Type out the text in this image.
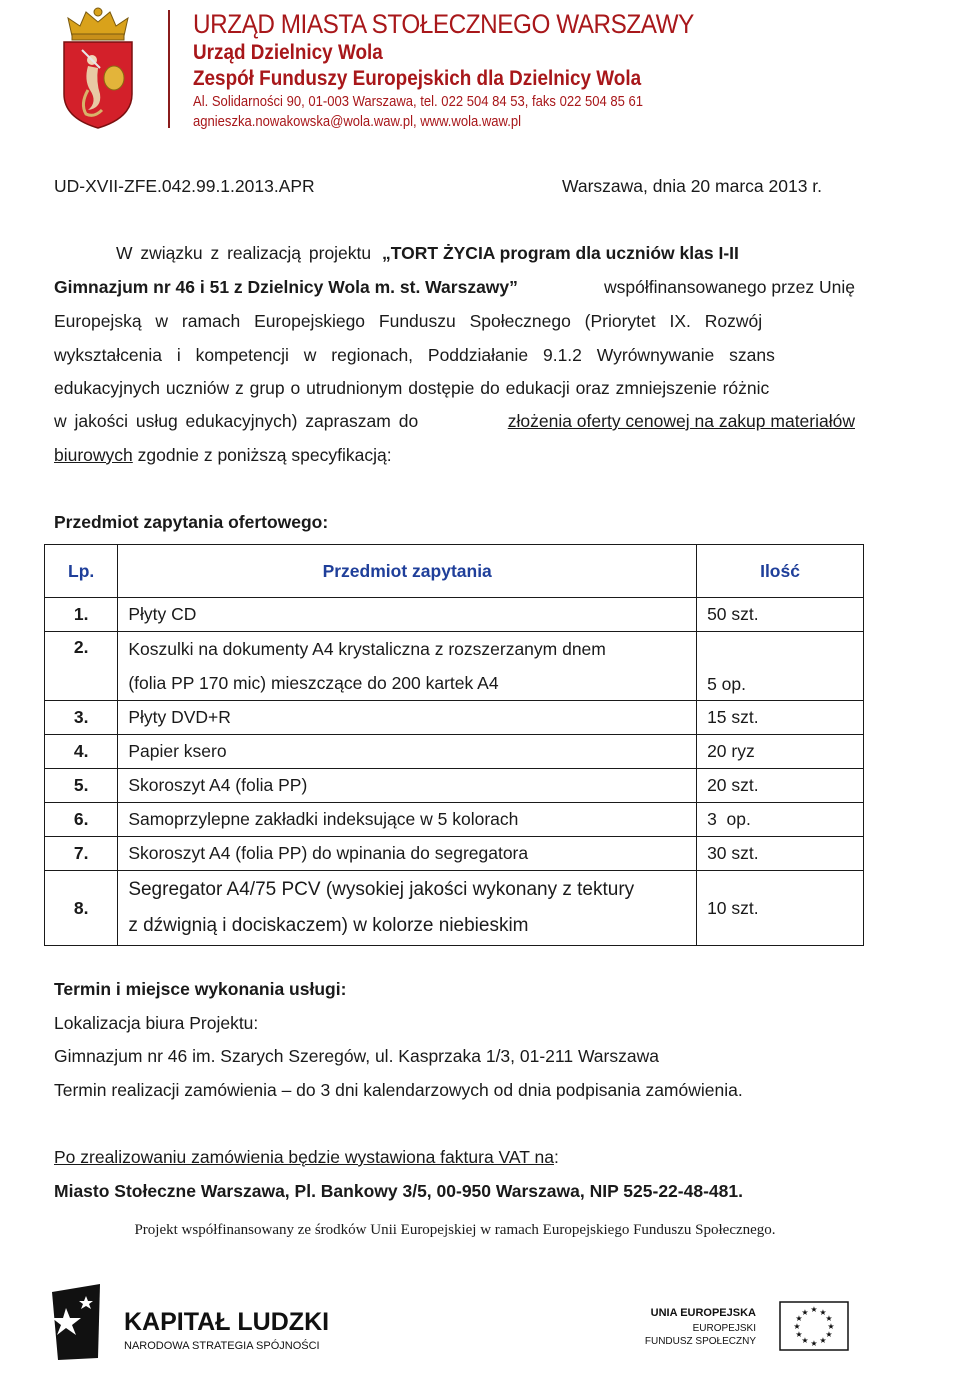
URZĄD MIASTA STOŁECZNEGO WARSZAWY
Urząd Dzielnicy Wola
Zespół Funduszy Europejskich dla Dzielnicy Wola
Al. Solidarności 90, 01-003 Warszawa, tel. 022 504 84 53, faks 022 504 85 61
agnieszka.nowakowska@wola.waw.pl, www.wola.waw.pl
UD-XVII-ZFE.042.99.1.2013.APR	Warszawa, dnia 20 marca 2013 r.
W związku z realizacją projektu „TORT ŻYCIA program dla uczniów klas I-II
Gimnazjum nr 46 i 51 z Dzielnicy Wola m. st. Warszawy”	współfinansowanego przez Unię
Europejską w ramach Europejskiego Funduszu Społecznego (Priorytet IX. Rozwój
wykształcenia i kompetencji w regionach, Poddziałanie 9.1.2 Wyrównywanie szans
edukacyjnych uczniów z grup o utrudnionym dostępie do edukacji oraz zmniejszenie różnic
w jakości usług edukacyjnych) zapraszam do	złożenia oferty cenowej na zakup materiałów
biurowych zgodnie z poniższą specyfikacją:
Przedmiot zapytania ofertowego:
Lp.	Przedmiot zapytania	Ilość
1.	Płyty CD	50 szt.
2.	Koszulki na dokumenty A4 krystaliczna z rozszerzanym dnem
(folia PP 170 mic) mieszczące do 200 kartek A4	5 op.
3.	Płyty DVD+R	15 szt.
4.	Papier ksero	20 ryz
5.	Skoroszyt A4 (folia PP)	20 szt.
6.	Samoprzylepne zakładki indeksujące w 5 kolorach	3  op.
7.	Skoroszyt A4 (folia PP) do wpinania do segregatora	30 szt.
8.	Segregator A4/75 PCV (wysokiej jakości wykonany z tektury
z dźwignią i dociskaczem) w kolorze niebieskim	10 szt.
Termin i miejsce wykonania usługi:
Lokalizacja biura Projektu:
Gimnazjum nr 46 im. Szarych Szeregów, ul. Kasprzaka 1/3, 01-211 Warszawa
Termin realizacji zamówienia – do 3 dni kalendarzowych od dnia podpisania zamówienia.
Po zrealizowaniu zamówienia będzie wystawiona faktura VAT na:
Miasto Stołeczne Warszawa, Pl. Bankowy 3/5, 00-950 Warszawa, NIP 525-22-48-481.
Projekt współfinansowany ze środków Unii Europejskiej w ramach Europejskiego Funduszu Społecznego.
KAPITAŁ LUDZKI
NARODOWA STRATEGIA SPÓJNOŚCI
UNIA EUROPEJSKA
EUROPEJSKI
FUNDUSZ SPOŁECZNY
★ ★
★
★
★
★
★
★
★
★
★
★
